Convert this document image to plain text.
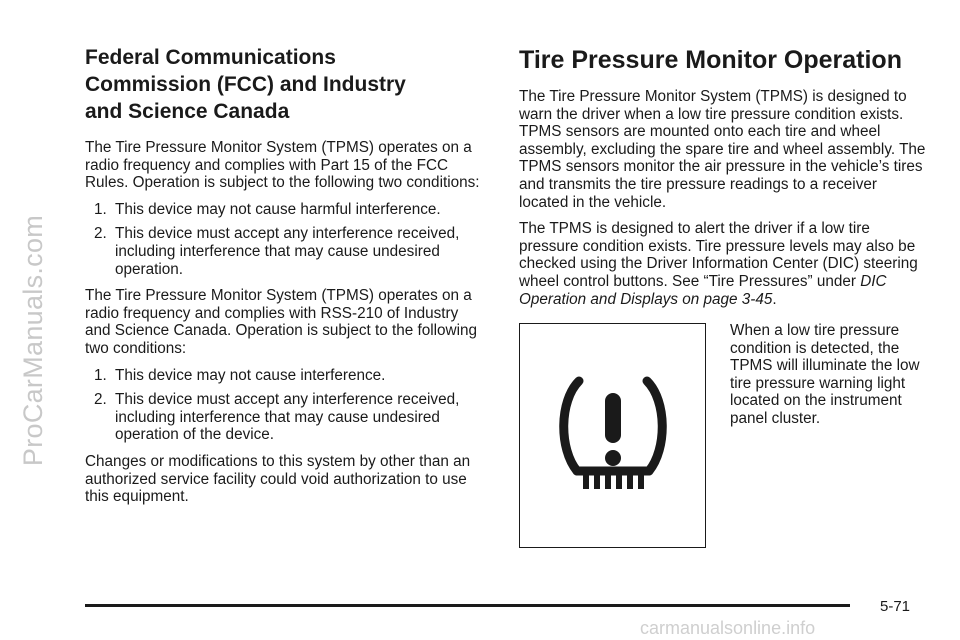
ProCarManuals.com
Federal Communications
Commission (FCC) and Industry
and Science Canada

The Tire Pressure Monitor System (TPMS) operates on a radio frequency and complies with Part 15 of the FCC Rules. Operation is subject to the following two conditions:

1. This device may not cause harmful interference.
2. This device must accept any interference received, including interference that may cause undesired operation.

The Tire Pressure Monitor System (TPMS) operates on a radio frequency and complies with RSS-210 of Industry and Science Canada. Operation is subject to the following two conditions:

1. This device may not cause interference.
2. This device must accept any interference received, including interference that may cause undesired operation of the device.

Changes or modifications to this system by other than an authorized service facility could void authorization to use this equipment.

Tire Pressure Monitor Operation

The Tire Pressure Monitor System (TPMS) is designed to warn the driver when a low tire pressure condition exists. TPMS sensors are mounted onto each tire and wheel assembly, excluding the spare tire and wheel assembly. The TPMS sensors monitor the air pressure in the vehicle’s tires and transmits the tire pressure readings to a receiver located in the vehicle.

The TPMS is designed to alert the driver if a low tire pressure condition exists. Tire pressure levels may also be checked using the Driver Information Center (DIC) steering wheel control buttons. See “Tire Pressures” under DIC Operation and Displays on page 3-45.

When a low tire pressure condition is detected, the TPMS will illuminate the low tire pressure warning light located on the instrument panel cluster.

5-71
carmanualsonline.info
